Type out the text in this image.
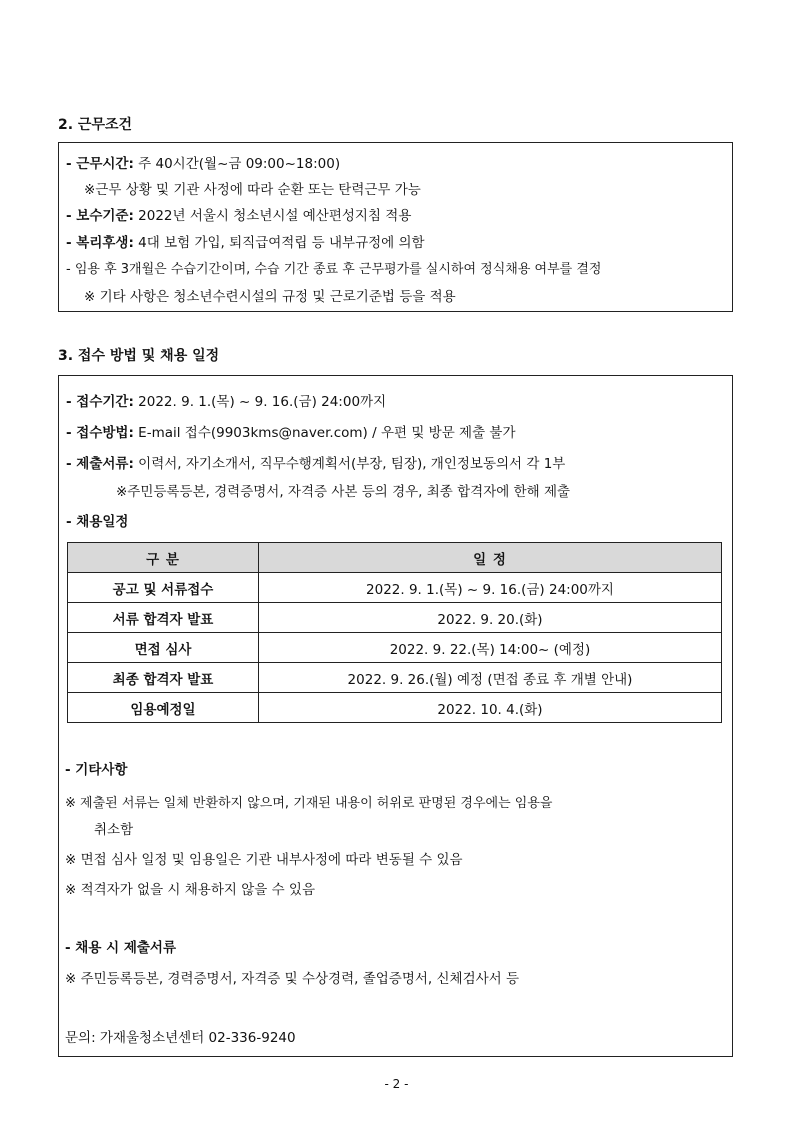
2. 근무조건
- 근무시간: 주 40시간(월~금 09:00~18:00)
※근무 상황 및 기관 사정에 따라 순환 또는 탄력근무 가능
- 보수기준: 2022년 서울시 청소년시설 예산편성지침 적용
- 복리후생: 4대 보험 가입, 퇴직급여적립 등 내부규정에 의함
- 임용 후 3개월은 수습기간이며, 수습 기간 종료 후 근무평가를 실시하여 정식채용 여부를 결정
※ 기타 사항은 청소년수련시설의 규정 및 근로기준법 등을 적용
3. 접수 방법 및 채용 일정
- 접수기간: 2022. 9. 1.(목) ~ 9. 16.(금) 24:00까지
- 접수방법: E-mail 접수(9903kms@naver.com) / 우편 및 방문 제출 불가
- 제출서류: 이력서, 자기소개서, 직무수행계획서(부장, 팀장), 개인정보동의서 각 1부
※주민등록등본, 경력증명서, 자격증 사본 등의 경우, 최종 합격자에 한해 제출
- 채용일정
구 분	일 정
공고 및 서류접수	2022. 9. 1.(목) ~ 9. 16.(금) 24:00까지
서류 합격자 발표	2022. 9. 20.(화)
면접 심사	2022. 9. 22.(목) 14:00~ (예정)
최종 합격자 발표	2022. 9. 26.(월) 예정 (면접 종료 후 개별 안내)
임용예정일	2022. 10. 4.(화)
- 기타사항
※ 제출된 서류는 일체 반환하지 않으며, 기재된 내용이 허위로 판명된 경우에는 임용을
취소함
※ 면접 심사 일정 및 임용일은 기관 내부사정에 따라 변동될 수 있음
※ 적격자가 없을 시 채용하지 않을 수 있음
- 채용 시 제출서류
※ 주민등록등본, 경력증명서, 자격증 및 수상경력, 졸업증명서, 신체검사서 등
문의: 가재울청소년센터 02-336-9240
- 2 -
